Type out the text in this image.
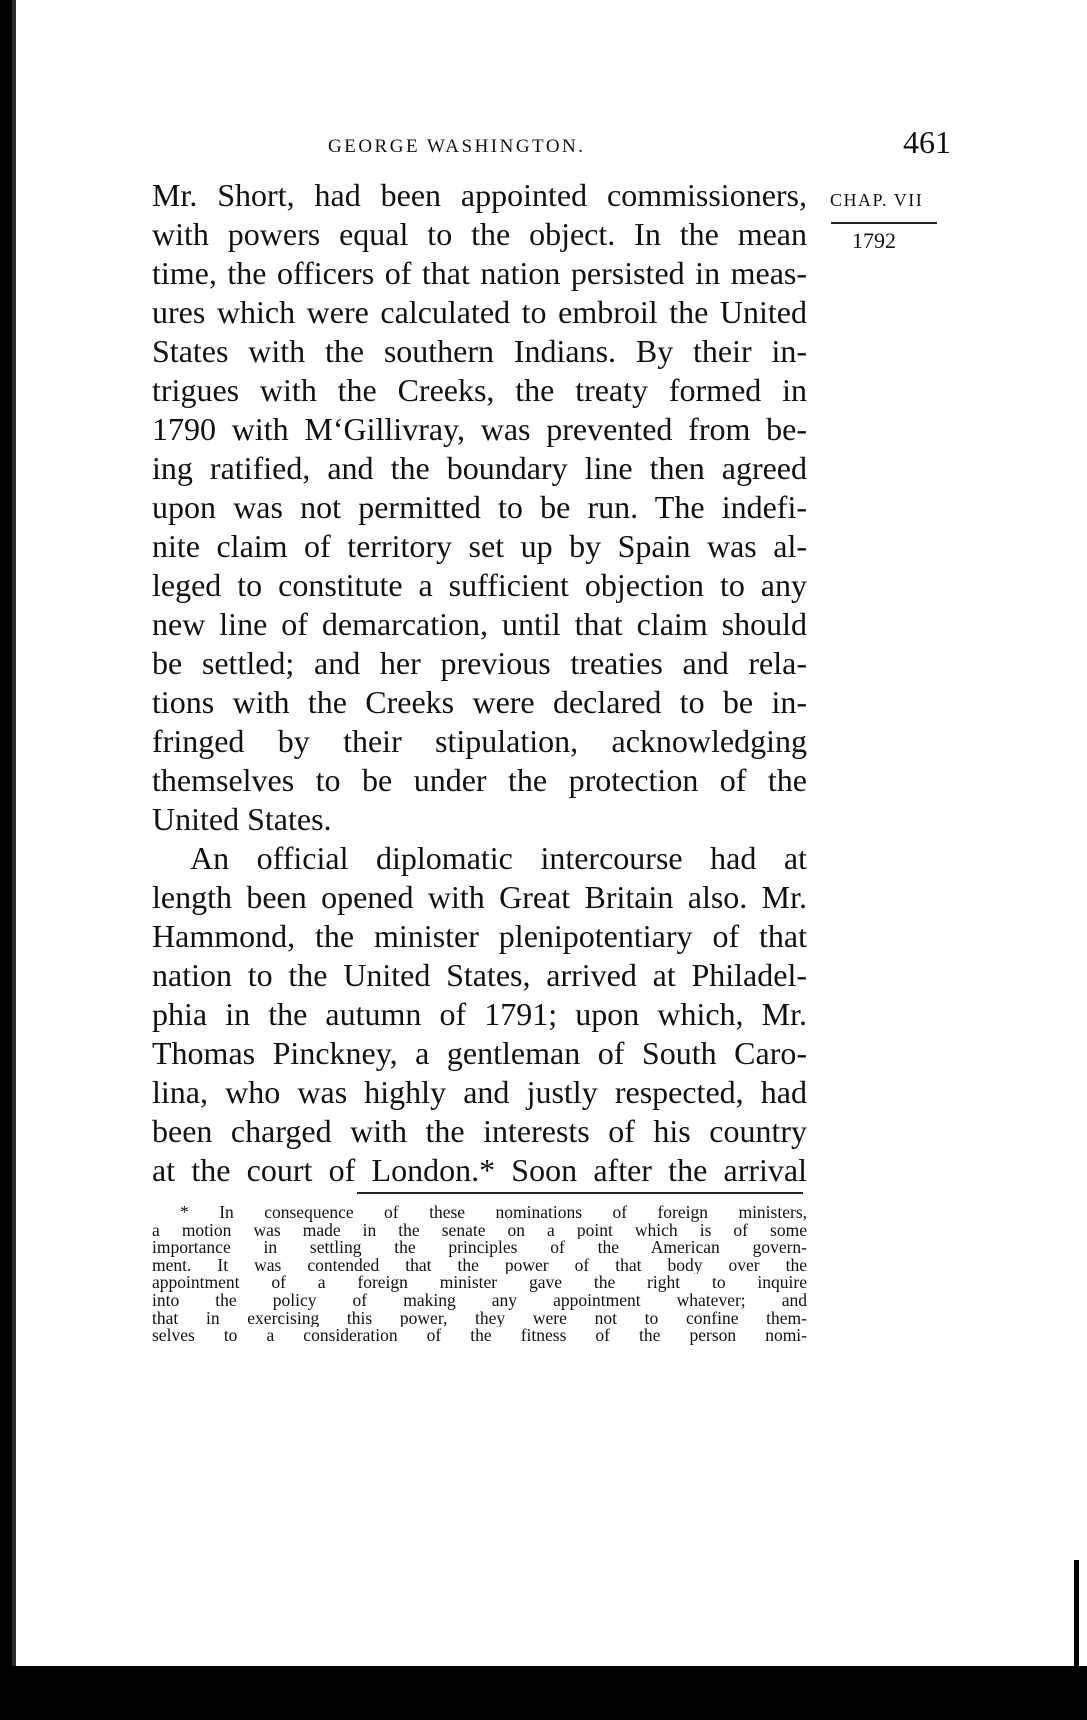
GEORGE WASHINGTON.	461
CHAP. VII
1792
Mr. Short, had been appointed commissioners,
with powers equal to the object. In the mean
time, the officers of that nation persisted in meas-
ures which were calculated to embroil the United
States with the southern Indians. By their in-
trigues with the Creeks, the treaty formed in
1790 with M‘Gillivray, was prevented from be-
ing ratified, and the boundary line then agreed
upon was not permitted to be run. The indefi-
nite claim of territory set up by Spain was al-
leged to constitute a sufficient objection to any
new line of demarcation, until that claim should
be settled; and her previous treaties and rela-
tions with the Creeks were declared to be in-
fringed by their stipulation, acknowledging
themselves to be under the protection of the
United States.
An official diplomatic intercourse had at
length been opened with Great Britain also. Mr.
Hammond, the minister plenipotentiary of that
nation to the United States, arrived at Philadel-
phia in the autumn of 1791; upon which, Mr.
Thomas Pinckney, a gentleman of South Caro-
lina, who was highly and justly respected, had
been charged with the interests of his country
at the court of London.* Soon after the arrival
* In consequence of these nominations of foreign ministers,
a motion was made in the senate on a point which is of some
importance in settling the principles of the American govern-
ment. It was contended that the power of that body over the
appointment of a foreign minister gave the right to inquire
into the policy of making any appointment whatever; and
that in exercising this power, they were not to confine them-
selves to a consideration of the fitness of the person nomi-
